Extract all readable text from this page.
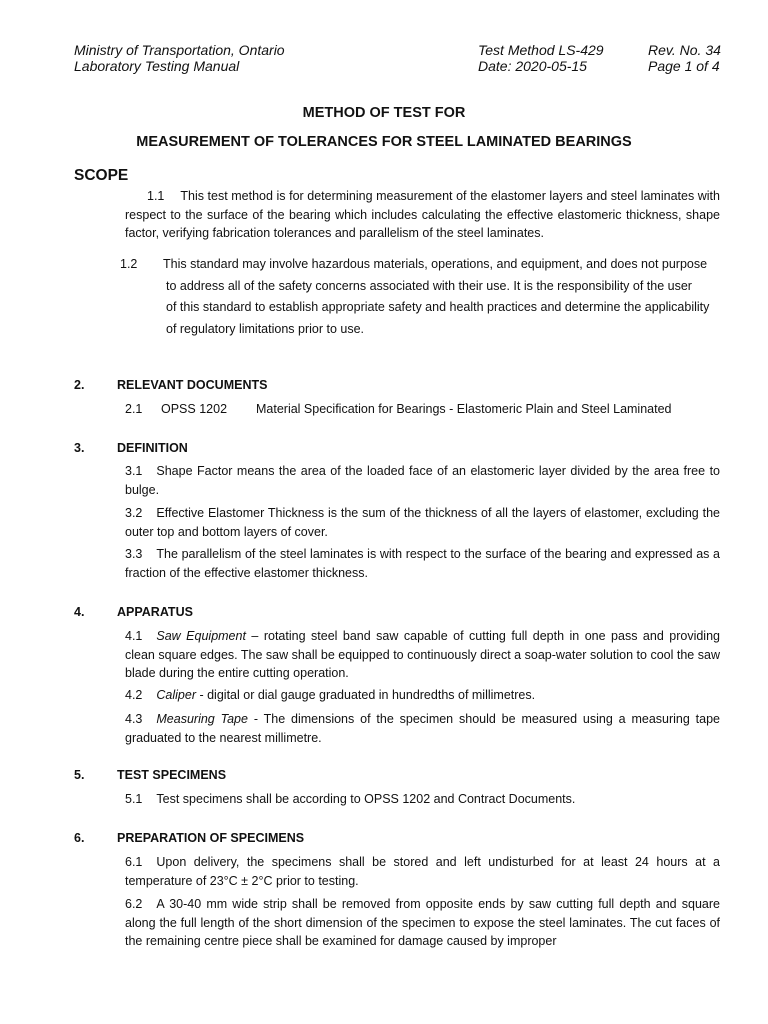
Ministry of Transportation, Ontario
Laboratory Testing Manual
Test Method LS-429
Date: 2020-05-15
Rev. No. 34
Page 1 of 4
METHOD OF TEST FOR
MEASUREMENT OF TOLERANCES FOR STEEL LAMINATED BEARINGS
SCOPE
1.1 This test method is for determining measurement of the elastomer layers and steel laminates with respect to the surface of the bearing which includes calculating the effective elastomeric thickness, shape factor, verifying fabrication tolerances and parallelism of the steel laminates.
1.2 This standard may involve hazardous materials, operations, and equipment, and does not purpose
to address all of the safety concerns associated with their use. It is the responsibility of the user
of this standard to establish appropriate safety and health practices and determine the applicability
of regulatory limitations prior to use.
2.	RELEVANT DOCUMENTS
2.1 OPSS 1202 Material Specification for Bearings - Elastomeric Plain and Steel Laminated
3.	DEFINITION
3.1 Shape Factor means the area of the loaded face of an elastomeric layer divided by the area free to bulge.
3.2 Effective Elastomer Thickness is the sum of the thickness of all the layers of elastomer, excluding the outer top and bottom layers of cover.
3.3 The parallelism of the steel laminates is with respect to the surface of the bearing and expressed as a fraction of the effective elastomer thickness.
4.	APPARATUS
4.1 Saw Equipment – rotating steel band saw capable of cutting full depth in one pass and providing clean square edges. The saw shall be equipped to continuously direct a soap-water solution to cool the saw blade during the entire cutting operation.
4.2 Caliper - digital or dial gauge graduated in hundredths of millimetres.
4.3 Measuring Tape - The dimensions of the specimen should be measured using a measuring tape graduated to the nearest millimetre.
5.	TEST SPECIMENS
5.1 Test specimens shall be according to OPSS 1202 and Contract Documents.
6.	PREPARATION OF SPECIMENS
6.1 Upon delivery, the specimens shall be stored and left undisturbed for at least 24 hours at a temperature of 23°C ± 2°C prior to testing.
6.2 A 30-40 mm wide strip shall be removed from opposite ends by saw cutting full depth and square along the full length of the short dimension of the specimen to expose the steel laminates. The cut faces of the remaining centre piece shall be examined for damage caused by improper
